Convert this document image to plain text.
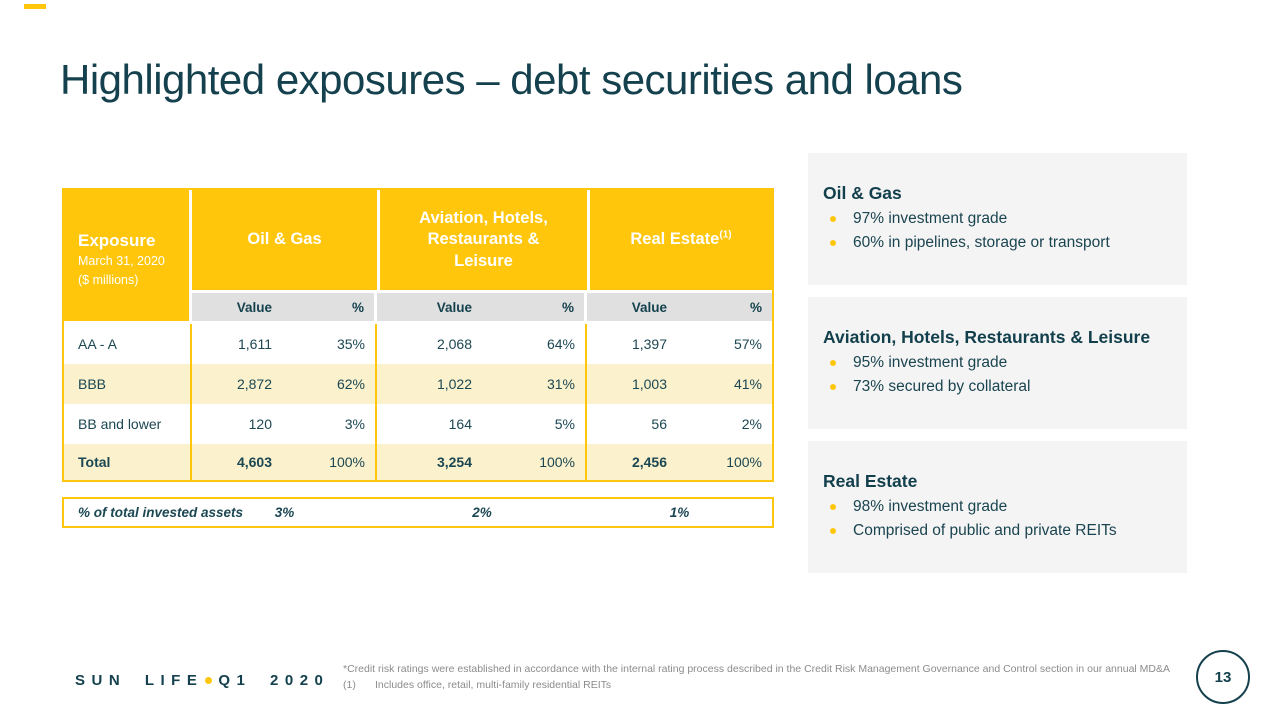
Highlighted exposures – debt securities and loans
Exposure
March 31, 2020
($ millions)
Oil & Gas
Aviation, Hotels, Restaurants & Leisure
Real Estate$^{(1)}$
Value	%	Value	%	Value	%
AA - A	1,611	35%	2,068	64%	1,397	57%
BBB	2,872	62%	1,022	31%	1,003	41%
BB and lower	120	3%	164	5%	56	2%
Total	4,603	100%	3,254	100%	2,456	100%
% of total invested assets	3%	2%	1%
Oil & Gas
97% investment grade
60% in pipelines, storage or transport
Aviation, Hotels, Restaurants & Leisure
95% investment grade
73% secured by collateral
Real Estate
98% investment grade
Comprised of public and private REITs
SUN LIFE Q1 2020
*Credit risk ratings were established in accordance with the internal rating process described in the Credit Risk Management Governance and Control section in our annual MD&A
(1)	Includes office, retail, multi-family residential REITs	13
